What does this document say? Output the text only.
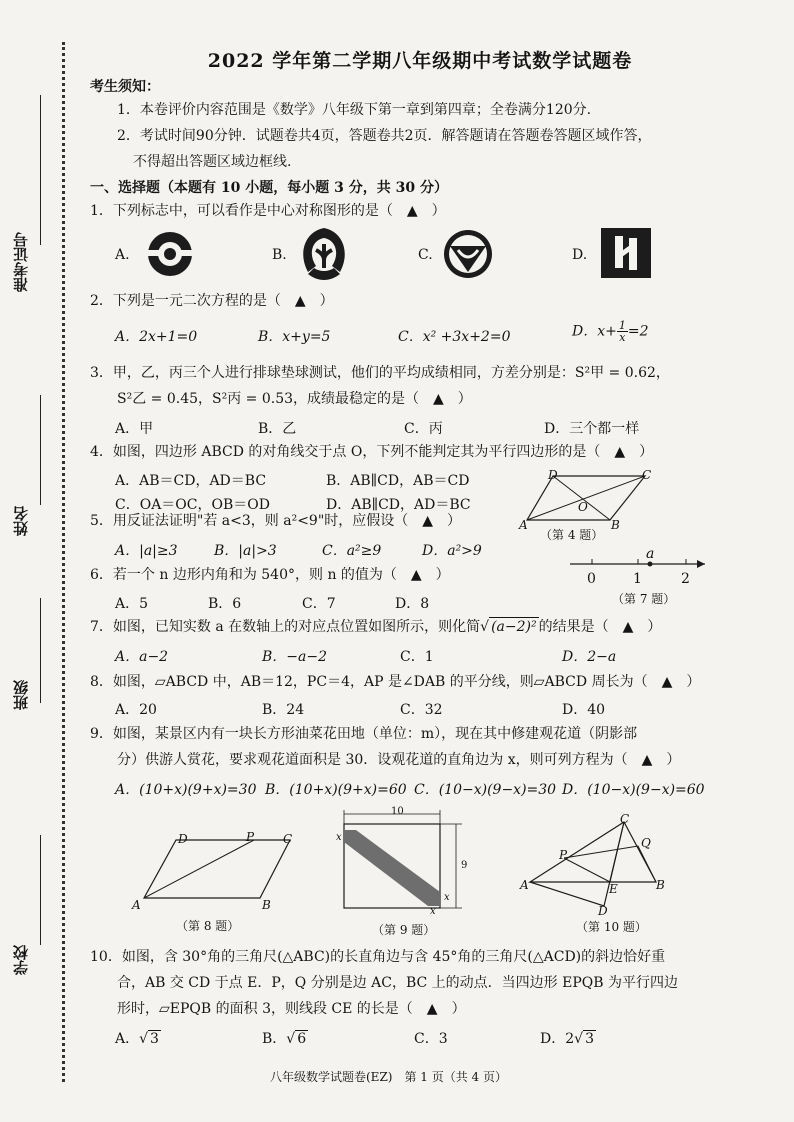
准考证号
姓名
班级
学校
2022 学年第二学期八年级期中考试数学试题卷
考生须知：
1．本卷评价内容范围是《数学》八年级下第一章到第四章；全卷满分120分.
2．考试时间90分钟．试题卷共4页，答题卷共2页．解答题请在答题卷答题区域作答，
不得超出答题区域边框线.
一、选择题（本题有 10 小题，每小题 3 分，共 30 分）
1．下列标志中，可以看作是中心对称图形的是（　▲　）
A.	B.	C.	D.
2．下列是一元二次方程的是（　▲　）
A．2x+1=0	B．x+y=5	C．x² +3x+2=0	D．$x+ \frac{1}{x} =2$
3．甲，乙，丙三个人进行排球垫球测试，他们的平均成绩相同，方差分别是：S²甲 = 0.62，
S²乙 = 0.45，S²丙 = 0.53，成绩最稳定的是（　▲　）
A．甲	B．乙	C．丙	D．三个都一样
4．如图，四边形 ABCD 的对角线交于点 O，下列不能判定其为平行四边形的是（　▲　）
A．AB＝CD，AD＝BC	B．AB∥CD，AB＝CD
C．OA＝OC，OB＝OD	D．AB∥CD，AD＝BC
A	B
C
D
O
（第 4 题）
5．用反证法证明"若 a<3，则 a²<9"时，应假设（　▲　）
A．|a|≥3	B．|a|>3	C．a²≥9	D．a²>9
6．若一个 n 边形内角和为 540°，则 n 的值为（　▲　）
A．5	B．6	C．7	D．8
0	1	2
a
（第 7 题）
7．如图，已知实数 a 在数轴上的对应点位置如图所示，则化简√ (a−2)² 的结果是（　▲　）
A．a−2	B．−a−2	C．1	D．2−a
8．如图，▱ABCD 中，AB＝12，PC＝4，AP 是∠DAB 的平分线，则▱ABCD 周长为（　▲　）
A．20	B．24	C．32	D．40
9．如图，某景区内有一块长方形油菜花田地（单位：m），现在其中修建观花道（阴影部
分）供游人赏花，要求观花道面积是 30．设观花道的直角边为 x，则可列方程为（　▲　）
A．(10+x)(9+x)=30 B．(10+x)(9+x)=60 C．(10−x)(9−x)=30 D．(10−x)(9−x)=60
A	B
C
D	P
（第 8 题）
10
9
x
x
x
（第 9 题）
A	B
C
D
E
P
Q
（第 10 题）
10．如图，含 30°角的三角尺(△ABC)的长直角边与含 45°角的三角尺(△ACD)的斜边恰好重
合，AB 交 CD 于点 E．P，Q 分别是边 AC，BC 上的动点．当四边形 EPQB 为平行四边
形时，▱EPQB 的面积 3，则线段 CE 的长是（　▲　）
A．√ 3	B．√ 6	C．3	D．2√ 3
八年级数学试题卷(EZ)　第 1 页（共 4 页）
